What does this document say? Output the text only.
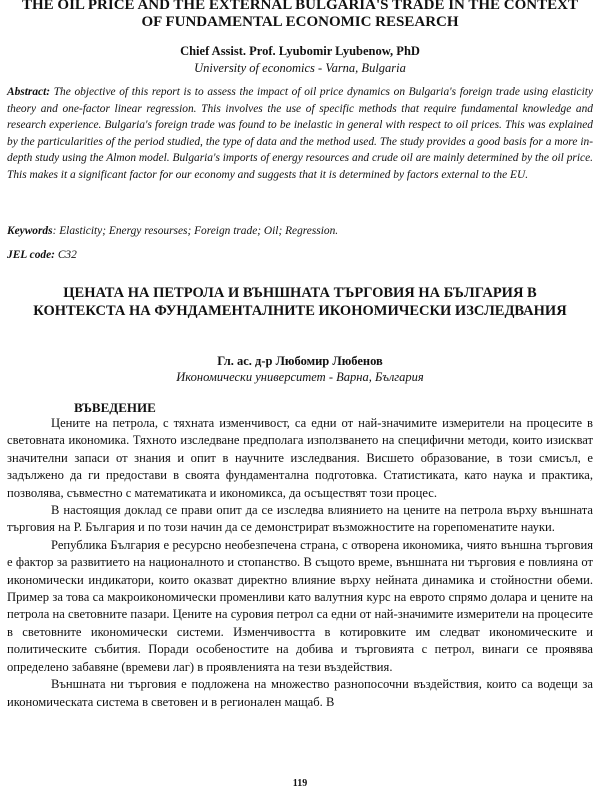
THE OIL PRICE AND THE EXTERNAL BULGARIA'S TRADE IN THE CONTEXT OF FUNDAMENTAL ECONOMIC RESEARCH
Chief Assist. Prof. Lyubomir Lyubenow, PhD
University of economics - Varna, Bulgaria
Abstract: The objective of this report is to assess the impact of oil price dynamics on Bulgaria's foreign trade using elasticity theory and one-factor linear regression. This involves the use of specific methods that require fundamental knowledge and research experience. Bulgaria's foreign trade was found to be inelastic in general with respect to oil prices. This was explained by the particularities of the period studied, the type of data and the method used. The study provides a good basis for a more in-depth study using the Almon model. Bulgaria's imports of energy resources and crude oil are mainly determined by the oil price. This makes it a significant factor for our economy and suggests that it is determined by factors external to the EU.
Keywords: Elasticity; Energy resourses; Foreign trade; Oil; Regression.
JEL code: C32
ЦЕНАТА НА ПЕТРОЛА И ВЪНШНАТА ТЪРГОВИЯ НА БЪЛГАРИЯ В КОНТЕКСТА НА ФУНДАМЕНТАЛНИТЕ ИКОНОМИЧЕСКИ ИЗСЛЕДВАНИЯ
Гл. ас. д-р Любомир Любенов
Икономически университет - Варна, България
ВЪВЕДЕНИЕ

Цените на петрола, с тяхната изменчивост, са едни от най-значимите измерители на процесите в световната икономика. Тяхното изследване предполага използването на специфични методи, които изискват значителни запаси от знания и опит в научните изследвания. Висшето образование, в този смисъл, е задължено да ги предостави в своята фундаментална подготовка. Статистиката, като наука и практика, позволява, съвместно с математиката и икономикса, да осъществят този процес.

В настоящия доклад се прави опит да се изследва влиянието на цените на петрола върху външната търговия на Р. България и по този начин да се демонстрират възможностите на горепоменатите науки.

Република България е ресурсно необезпечена страна, с отворена икономика, чиято външна търговия е фактор за развитието на националното и стопанство. В същото време, външната ни търговия е повлияна от икономически индикатори, които оказват директно влияние върху нейната динамика и стойностни обеми. Пример за това са макроикономически променливи като валутния курс на еврото спрямо долара и цените на петрола на световните пазари. Цените на суровия петрол са едни от най-значимите измерители на процесите в световните икономически системи. Изменчивостта в котировките им следват икономическите и политическите събития. Поради особеностите на добива и търговията с петрол, винаги се проявява определено забавяне (времеви лаг) в проявленията на тези въздействия.

Външната ни търговия е подложена на множество разнопосочни въздействия, които са водещи за икономическата система в световен и в регионален мащаб. В

119
